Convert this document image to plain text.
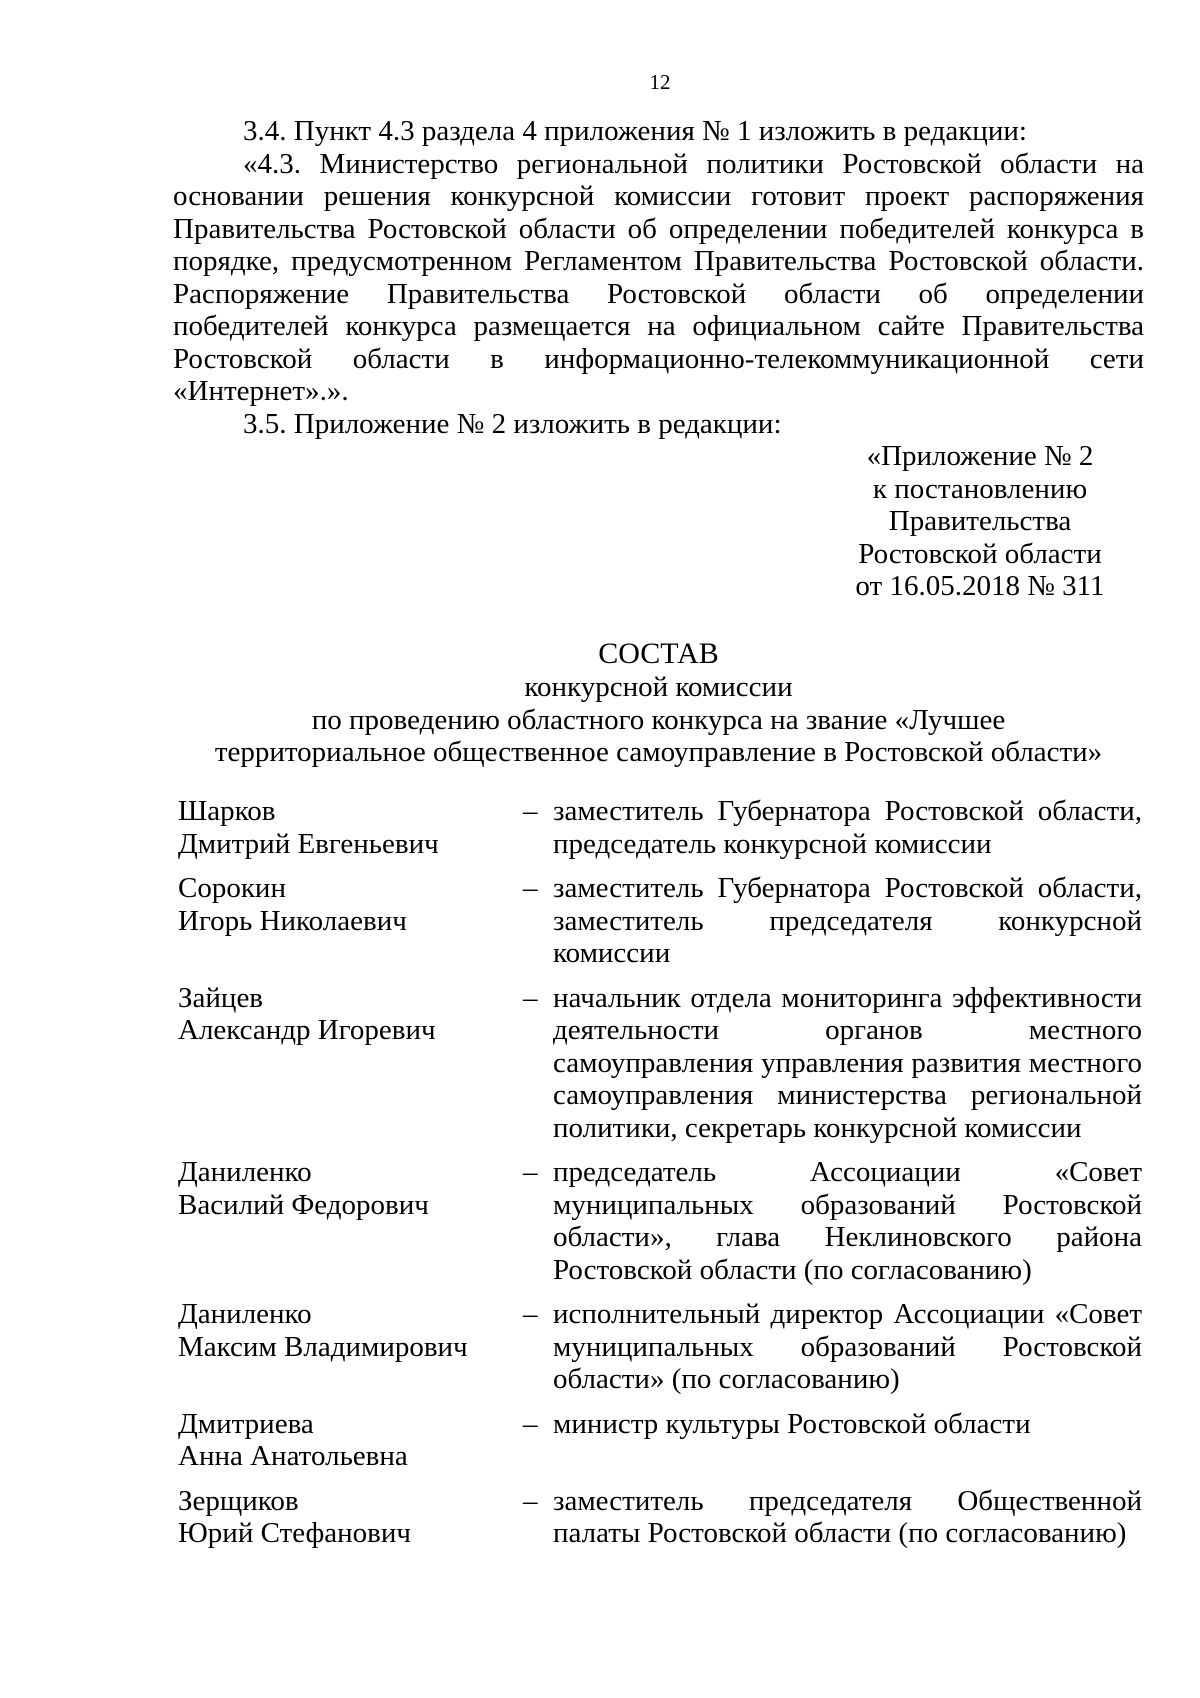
12

3.4. Пункт 4.3 раздела 4 приложения № 1 изложить в редакции:

«4.3. Министерство региональной политики Ростовской области на основании решения конкурсной комиссии готовит проект распоряжения Правительства Ростовской области об определении победителей конкурса в порядке, предусмотренном Регламентом Правительства Ростовской области. Распоряжение Правительства Ростовской области об определении победителей конкурса размещается на официальном сайте Правительства Ростовской области в информационно-телекоммуникационной сети «Интернет».».

3.5. Приложение № 2 изложить в редакции:

«Приложение № 2
к постановлению
Правительства
Ростовской области
от 16.05.2018 № 311
СОСТАВ
конкурсной комиссии
по проведению областного конкурса на звание «Лучшее
территориальное общественное самоуправление в Ростовской области»
Шарков
Дмитрий Евгеньевич
– заместитель Губернатора Ростовской области, председатель конкурсной комиссии
Сорокин
Игорь Николаевич
– заместитель Губернатора Ростовской области, заместитель председателя конкурсной комиссии
Зайцев
Александр Игоревич
– начальник отдела мониторинга эффективности деятельности органов местного самоуправления управления развития местного самоуправления министерства региональной политики, секретарь конкурсной комиссии
Даниленко
Василий Федорович
– председатель Ассоциации «Совет муниципальных образований Ростовской области», глава Неклиновского района Ростовской области (по согласованию)
Даниленко
Максим Владимирович
– исполнительный директор Ассоциации «Совет муниципальных образований Ростовской области» (по согласованию)
Дмитриева
Анна Анатольевна
– министр культуры Ростовской области
Зерщиков
Юрий Стефанович
– заместитель председателя Общественной палаты Ростовской области (по согласованию)
